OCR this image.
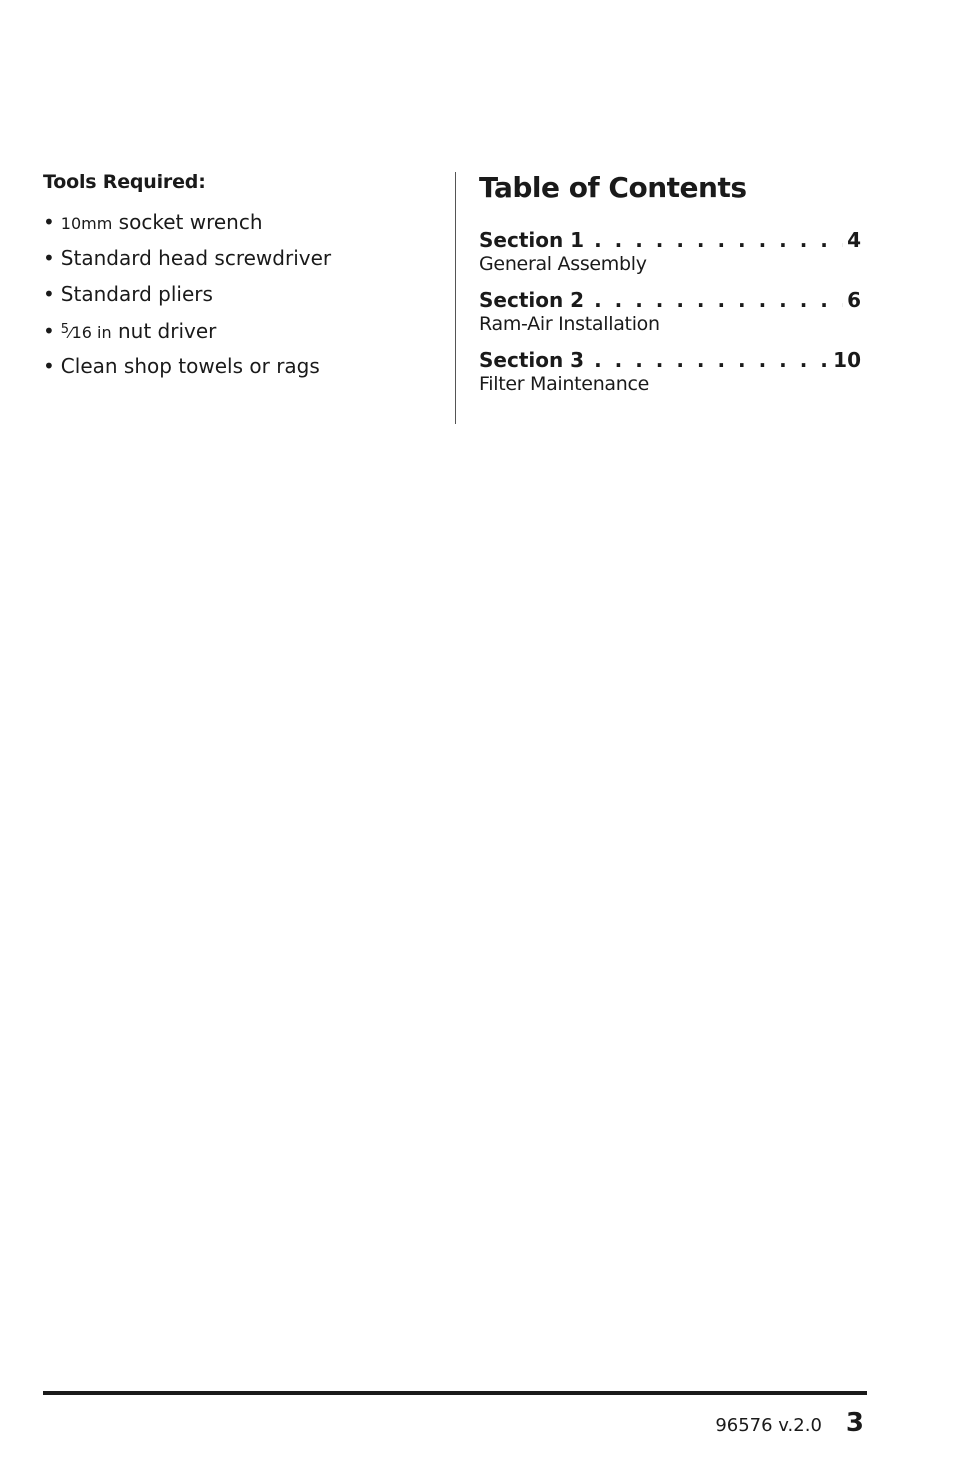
Tools Required:
• 10mm socket wrench
• Standard head screwdriver
• Standard pliers
• $^5$⁄16 in nut driver
• Clean shop towels or rags
Table of Contents
Section 1 . . .	4
General Assembly
Section 2 . . .	6
Ram-Air Installation
Section 3 . . .	10
Filter Maintenance
96576 v.2.0 3
